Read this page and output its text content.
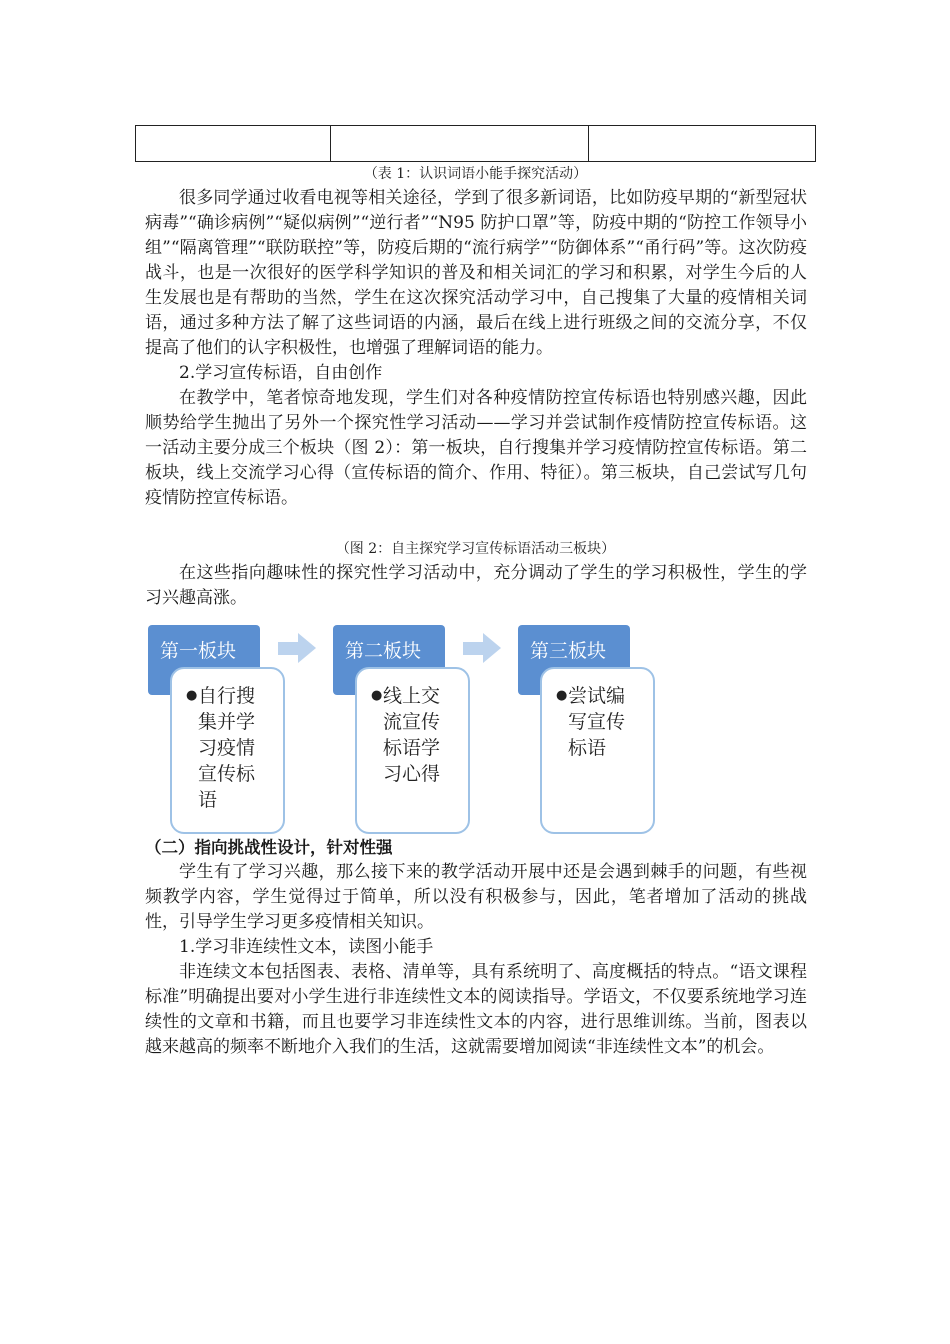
（表 1：认识词语小能手探究活动）

很多同学通过收看电视等相关途径，学到了很多新词语，比如防疫早期的“新型冠状病毒”“确诊病例”“疑似病例”“逆行者”“N95 防护口罩”等，防疫中期的“防控工作领导小组”“隔离管理”“联防联控”等，防疫后期的“流行病学”“防御体系”“甬行码”等。这次防疫战斗，也是一次很好的医学科学知识的普及和相关词汇的学习和积累，对学生今后的人生发展也是有帮助的当然，学生在这次探究活动学习中，自己搜集了大量的疫情相关词语，通过多种方法了解了这些词语的内涵，最后在线上进行班级之间的交流分享，不仅提高了他们的认字积极性，也增强了理解词语的能力。

2.学习宣传标语，自由创作

在教学中，笔者惊奇地发现，学生们对各种疫情防控宣传标语也特别感兴趣，因此顺势给学生抛出了另外一个探究性学习活动——学习并尝试制作疫情防控宣传标语。这一活动主要分成三个板块（图 2）：第一板块，自行搜集并学习疫情防控宣传标语。第二板块，线上交流学习心得（宣传标语的简介、作用、特征）。第三板块，自己尝试写几句疫情防控宣传标语。

（图 2：自主探究学习宣传标语活动三板块）

在这些指向趣味性的探究性学习活动中，充分调动了学生的学习积极性，学生的学习兴趣高涨。

第一板块
● 自行搜集并学习疫情宣传标语
第二板块
● 线上交流宣传标语学习心得
第三板块
● 尝试编写宣传标语

（二）指向挑战性设计，针对性强

学生有了学习兴趣，那么接下来的教学活动开展中还是会遇到棘手的问题，有些视频教学内容，学生觉得过于简单，所以没有积极参与，因此，笔者增加了活动的挑战性，引导学生学习更多疫情相关知识。

1.学习非连续性文本，读图小能手

非连续文本包括图表、表格、清单等，具有系统明了、高度概括的特点。“语文课程标准”明确提出要对小学生进行非连续性文本的阅读指导。学语文，不仅要系统地学习连续性的文章和书籍，而且也要学习非连续性文本的内容，进行思维训练。当前，图表以越来越高的频率不断地介入我们的生活，这就需要增加阅读“非连续性文本”的机会。
